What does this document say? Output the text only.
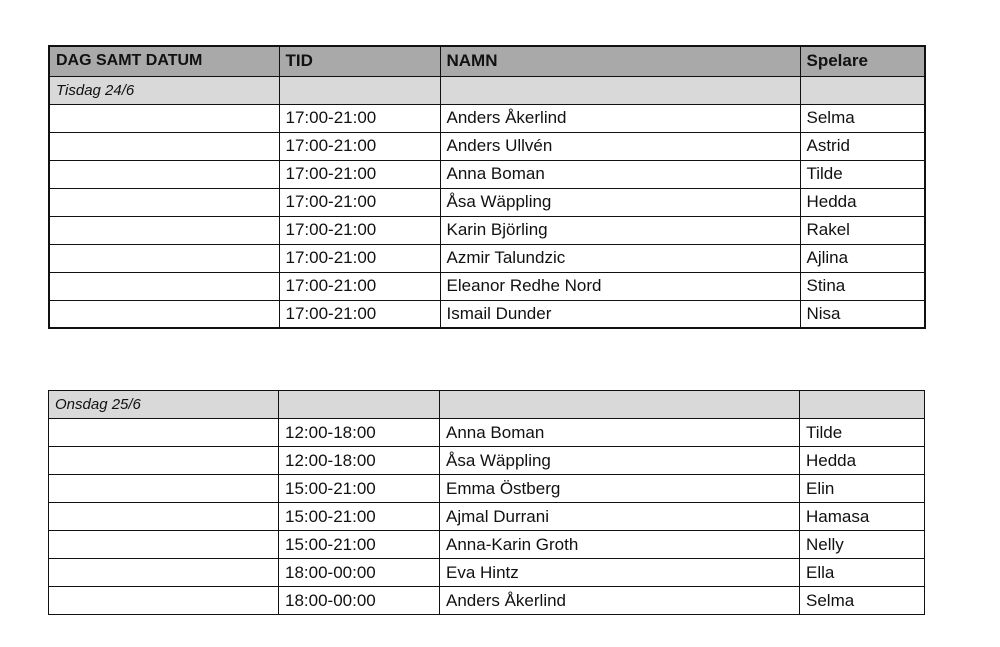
DAG SAMT DATUM	TID	NAMN	Spelare
Tisdag 24/6			
	17:00-21:00	Anders Åkerlind	Selma
	17:00-21:00	Anders Ullvén	Astrid
	17:00-21:00	Anna Boman	Tilde
	17:00-21:00	Åsa Wäppling	Hedda
	17:00-21:00	Karin Björling	Rakel
	17:00-21:00	Azmir Talundzic	Ajlina
	17:00-21:00	Eleanor Redhe Nord	Stina
	17:00-21:00	Ismail Dunder	Nisa
Onsdag 25/6			
	12:00-18:00	Anna Boman	Tilde
	12:00-18:00	Åsa Wäppling	Hedda
	15:00-21:00	Emma Östberg	Elin
	15:00-21:00	Ajmal Durrani	Hamasa
	15:00-21:00	Anna-Karin Groth	Nelly
	18:00-00:00	Eva Hintz	Ella
	18:00-00:00	Anders Åkerlind	Selma
